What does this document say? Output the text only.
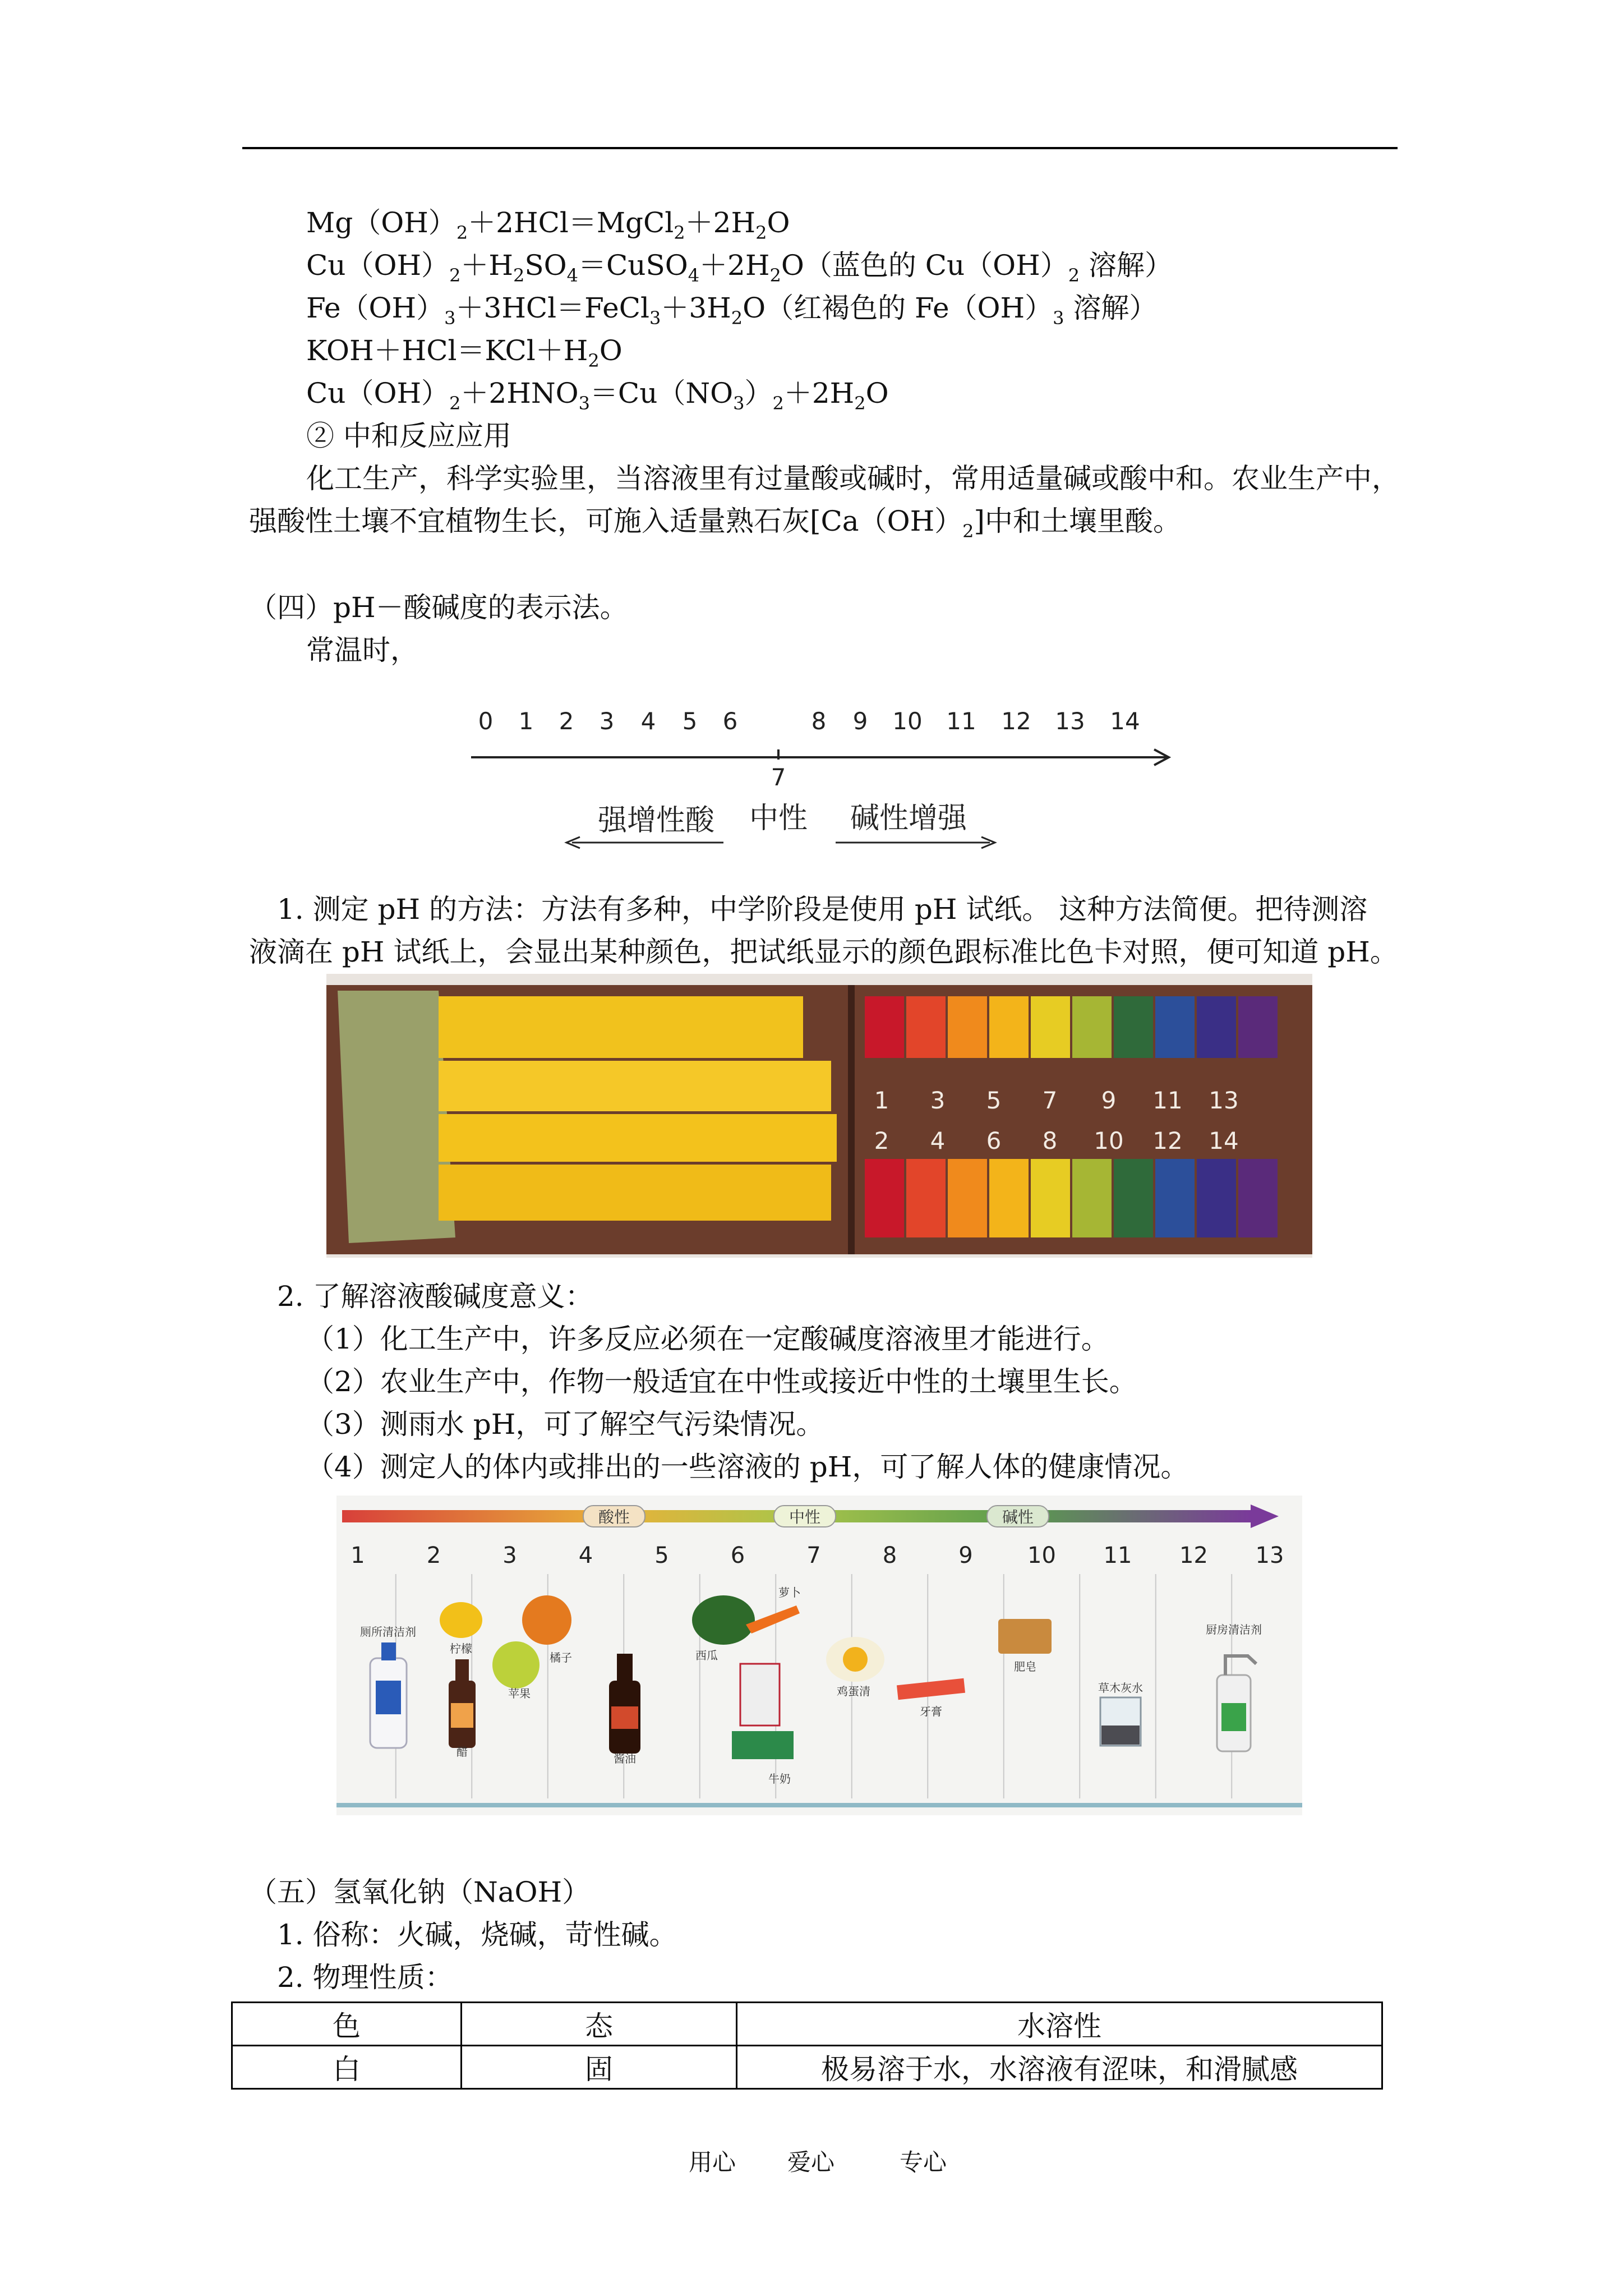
$Mg(OH)_2+2HCl=MgCl_2+2H_2O$
$Cu(OH)_2+H_2SO_4=CuSO_4+2H_2O$（蓝色的 $Cu(OH)_2$ 溶解）
$Fe(OH)_3+3HCl=FeCl_3+3H_2O$（红褐色的 $Fe(OH)_3$ 溶解）
$KOH+HCl=KCl+H_2O$
$Cu(OH)_2+2HNO_3=Cu(NO_3)_2+2H_2O$
② 中和反应应用
化工生产，科学实验里，当溶液里有过量酸或碱时，常用适量碱或酸中和。农业生产中，
强酸性土壤不宜植物生长，可施入适量熟石灰$[Ca(OH)_2]$中和土壤里酸。
（四）pH－酸碱度的表示法。
常温时，
0 1 2 3 4 5 6	8 9 10 11 12 13 14
7
强增性酸 中性 碱性增强
1. 测定 pH 的方法：方法有多种，中学阶段是使用 pH 试纸。 这种方法简便。把待测溶
液滴在 pH 试纸上，会显出某种颜色，把试纸显示的颜色跟标准比色卡对照，便可知道 pH。
1 3 5 7 9 11 13
2 4 6 8 10 12 14
2. 了解溶液酸碱度意义：
（1）化工生产中，许多反应必须在一定酸碱度溶液里才能进行。
（2）农业生产中，作物一般适宜在中性或接近中性的土壤里生长。
（3）测雨水 pH，可了解空气污染情况。
（4）测定人的体内或排出的一些溶液的 pH，可了解人体的健康情况。
酸性	中性	碱性
1	2	3	4	5	6	7	8	9 10 11 12 13
厕所清洁剂
柠檬
橘子
苹果
醋	酱油
西瓜
萝卜
牛奶
鸡蛋清
牙膏
肥皂
草木灰水
厨房清洁剂
（五）氢氧化钠（NaOH）
1. 俗称：火碱，烧碱，苛性碱。
2. 物理性质：
色	态	水溶性
白	固	极易溶于水，水溶液有涩味，和滑腻感
用心 爱心	专心
